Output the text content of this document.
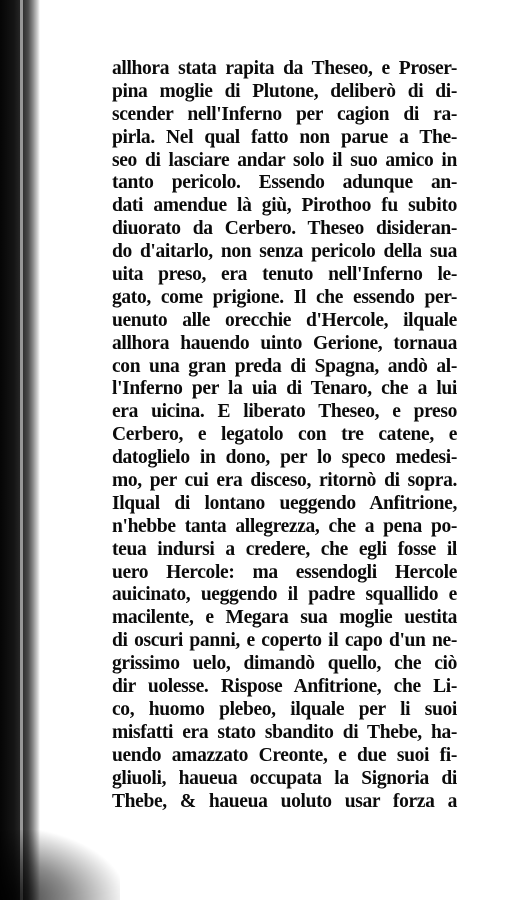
allhora stata rapita da Theseo, e Proser-
pina moglie di Plutone, deliberò di di-
scender nell'Inferno per cagion di ra-
pirla. Nel qual fatto non parue a The-
seo di lasciare andar solo il suo amico in
tanto pericolo. Essendo adunque an-
dati amendue là giù, Pirothoo fu subito
diuorato da Cerbero. Theseo disideran-
do d'aitarlo, non senza pericolo della sua
uita preso, era tenuto nell'Inferno le-
gato, come prigione. Il che essendo per-
uenuto alle orecchie d'Hercole, ilquale
allhora hauendo uinto Gerione, tornaua
con una gran preda di Spagna, andò al-
l'Inferno per la uia di Tenaro, che a lui
era uicina. E liberato Theseo, e preso
Cerbero, e legatolo con tre catene, e
datoglielo in dono, per lo speco medesi-
mo, per cui era disceso, ritornò di sopra.
Ilqual di lontano ueggendo Anfitrione,
n'hebbe tanta allegrezza, che a pena po-
teua indursi a credere, che egli fosse il
uero Hercole: ma essendogli Hercole
auicinato, ueggendo il padre squallido e
macilente, e Megara sua moglie uestita
di oscuri panni, e coperto il capo d'un ne-
grissimo uelo, dimandò quello, che ciò
dir uolesse. Rispose Anfitrione, che Li-
co, huomo plebeo, ilquale per li suoi
misfatti era stato sbandito di Thebe, ha-
uendo amazzato Creonte, e due suoi fi-
gliuoli, haueua occupata la Signoria di
Thebe, & haueua uoluto usar forza a
